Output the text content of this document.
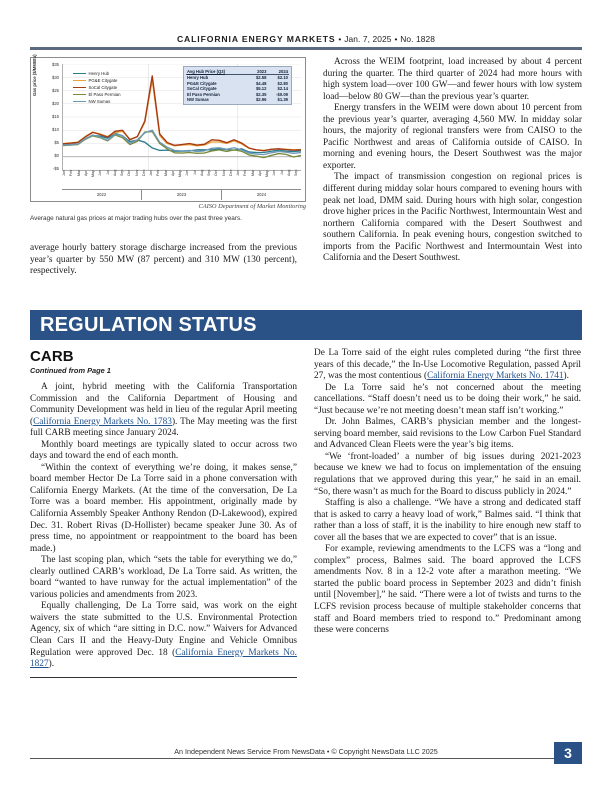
CALIFORNIA ENERGY MARKETS • Jan. 7, 2025 • No. 1828
Gas price ($/MMBtu)	$35
$30
$25
$20
$15
$10
$5
$0
-$5
Henry Hub
PG&E Citygate
SoCal Citygate
El Paso Permian
NW Sumas
Avg Hub Price (Q3)	2023	2024
Henry Hub	$2.58	$2.10
PG&E Citygate	$4.48	$2.80
SoCal Citygate	$5.12	$2.14
El Paso Permian	$2.35	-$0.09
NW Sumas	$2.96	$1.39
Jan Feb Mar Apr May Jun Jul Aug Sep Oct Nov Dec Jan Feb Mar Apr May Jun Jul Aug Sep Oct Nov Dec Jan Feb Mar Apr May Jun Jul Aug Sep
2022	2023	2024
CAISO Department of Market Monitoring
Average natural gas prices at major trading hubs over the past three years.

Across the WEIM footprint, load increased by about 4 percent during the quarter. The third quarter of 2024 had more hours with high system load—over 100 GW—and fewer hours with low system load—below 80 GW—than the previous year’s quarter.

Energy transfers in the WEIM were down about 10 percent from the previous year’s quarter, averaging 4,560 MW. In midday solar hours, the majority of regional transfers were from CAISO to the Pacific Northwest and areas of California outside of CAISO. In morning and evening hours, the Desert Southwest was the major exporter.

The impact of transmission congestion on regional prices is different during midday solar hours compared to evening hours with peak net load, DMM said. During hours with high solar, congestion drove higher prices in the Pacific Northwest, Intermountain West and northern California compared with the Desert Southwest and southern California. In peak evening hours, congestion switched to imports from the Pacific Northwest and Intermountain West into California and the Desert Southwest.

average hourly battery storage discharge increased from the previous year’s quarter by 550 MW (87 percent) and 310 MW (130 percent), respectively.

REGULATION STATUS
CARB
Continued from Page 1

A joint, hybrid meeting with the California Transportation Commission and the California Department of Housing and Community Development was held in lieu of the regular April meeting (California Energy Markets No. 1783). The May meeting was the first full CARB meeting since January 2024.

Monthly board meetings are typically slated to occur across two days and toward the end of each month.

“Within the context of everything we’re doing, it makes sense,” board member Hector De La Torre said in a phone conversation with California Energy Markets. (At the time of the conversation, De La Torre was a board member. His appointment, originally made by California Assembly Speaker Anthony Rendon (D-Lakewood), expired Dec. 31. Robert Rivas (D-Hollister) became speaker June 30. As of press time, no appointment or reappointment to the board has been made.)

The last scoping plan, which “sets the table for everything we do,” clearly outlined CARB’s workload, De La Torre said. As written, the board “wanted to have runway for the actual implementation” of the various policies and amendments from 2023.

Equally challenging, De La Torre said, was work on the eight waivers the state submitted to the U.S. Environmental Protection Agency, six of which “are sitting in D.C. now.” Waivers for Advanced Clean Cars II and the Heavy-Duty Engine and Vehicle Omnibus Regulation were approved Dec. 18 (California Energy Markets No. 1827).

De La Torre said of the eight rules completed during “the first three years of this decade,” the In-Use Locomotive Regulation, passed April 27, was the most contentious (California Energy Markets No. 1741).

De La Torre said he’s not concerned about the meeting cancellations. “Staff doesn’t need us to be doing their work,” he said. “Just because we’re not meeting doesn’t mean staff isn’t working.”

Dr. John Balmes, CARB’s physician member and the longest-serving board member, said revisions to the Low Carbon Fuel Standard and Advanced Clean Fleets were the year’s big items.

“We ‘front-loaded’ a number of big issues during 2021-2023 because we knew we had to focus on implementation of the ensuing regulations that we approved during this year,” he said in an email. “So, there wasn’t as much for the Board to discuss publicly in 2024.”

Staffing is also a challenge. “We have a strong and dedicated staff that is asked to carry a heavy load of work,” Balmes said. “I think that rather than a loss of staff, it is the inability to hire enough new staff to cover all the bases that we are expected to cover” that is an issue.

For example, reviewing amendments to the LCFS was a “long and complex” process, Balmes said. The board approved the LCFS amendments Nov. 8 in a 12-2 vote after a marathon meeting. “We started the public board process in September 2023 and didn’t finish until [November],” he said. “There were a lot of twists and turns to the LCFS revision process because of multiple stakeholder concerns that staff and Board members tried to respond to.” Predominant among these were concerns

An Independent News Service From NewsData • © Copyright NewsData LLC 2025	3
